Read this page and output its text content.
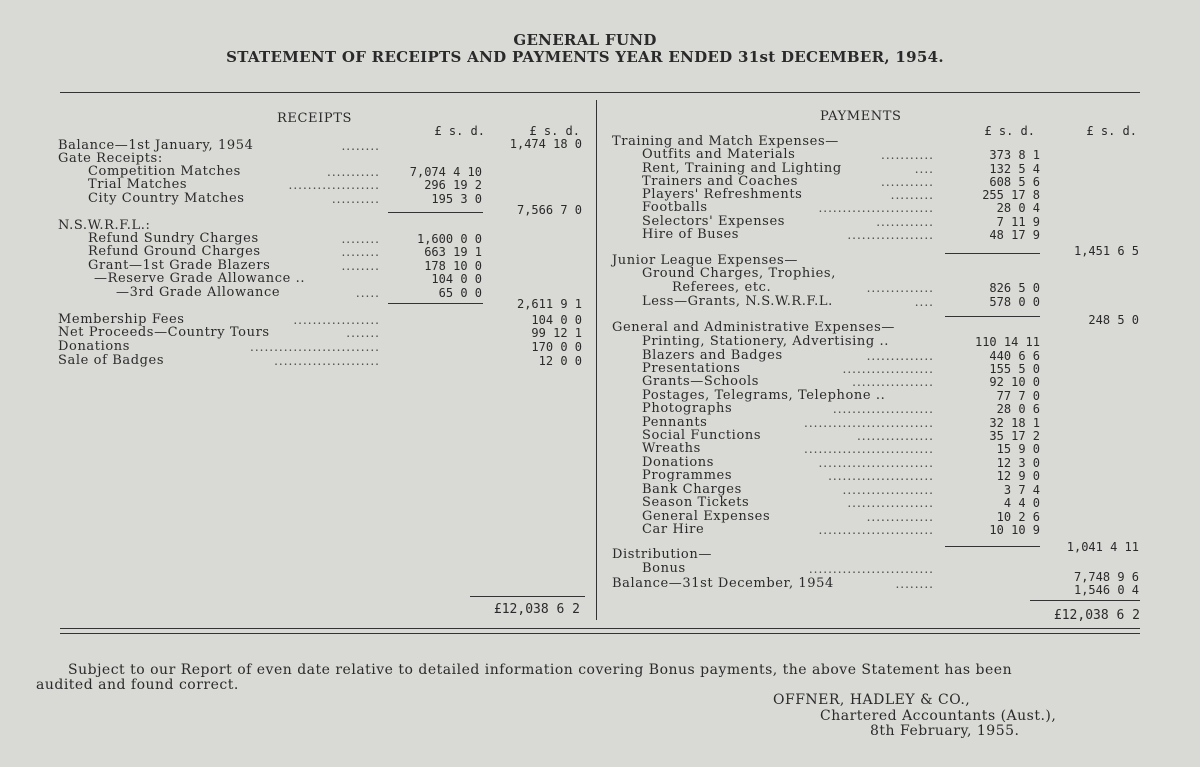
GENERAL FUND
STATEMENT OF RECEIPTS AND PAYMENTS YEAR ENDED 31st DECEMBER, 1954.
RECEIPTS
£ s. d.	£ s. d.
Balance—1st January, 1954	........	1,474 18 0
Gate Receipts:
Competition Matches	...........	7,074 4 10
Trial Matches	...................	296 19 2
City Country Matches	..........	195 3 0
7,566 7 0
N.S.W.R.F.L.:
Refund Sundry Charges	........	1,600 0 0
Refund Ground Charges	........	663 19 1
Grant—1st Grade Blazers	........	178 10 0
—Reserve Grade Allowance ..	104 0 0
—3rd Grade Allowance	.....	65 0 0
2,611 9 1
Membership Fees	..................	104 0 0
Net Proceeds—Country Tours	.......	99 12 1
Donations	...........................	170 0 0
Sale of Badges	......................	12 0 0
£12,038 6 2
PAYMENTS
£ s. d.	£ s. d.
Training and Match Expenses—
Outfits and Materials	...........	373 8 1
Rent, Training and Lighting	....	132 5 4
Trainers and Coaches	...........	608 5 6
Players' Refreshments	.........	255 17 8
Footballs	........................	28 0 4
Selectors' Expenses	............	7 11 9
Hire of Buses	..................	48 17 9
1,451 6 5
Junior League Expenses—
Ground Charges, Trophies,
Referees, etc.	..............	826 5 0
Less—Grants, N.S.W.R.F.L.	....	578 0 0
248 5 0
General and Administrative Expenses—
Printing, Stationery, Advertising ..	110 14 11
Blazers and Badges	..............	440 6 6
Presentations	...................	155 5 0
Grants—Schools	.................	92 10 0
Postages, Telegrams, Telephone ..	77 7 0
Photographs	.....................	28 0 6
Pennants	...........................	32 18 1
Social Functions	................	35 17 2
Wreaths	...........................	15 9 0
Donations	........................	12 3 0
Programmes	......................	12 9 0
Bank Charges	...................	3 7 4
Season Tickets	..................	4 4 0
General Expenses	..............	10 2 6
Car Hire	........................	10 10 9
1,041 4 11
Distribution—
Bonus	..........................
7,748 9 6
Balance—31st December, 1954	........	1,546 0 4
£12,038 6 2
Subject to our Report of even date relative to detailed information covering Bonus payments, the above Statement has been
audited and found correct.
OFFNER, HADLEY & CO.,
Chartered Accountants (Aust.),
8th February, 1955.
